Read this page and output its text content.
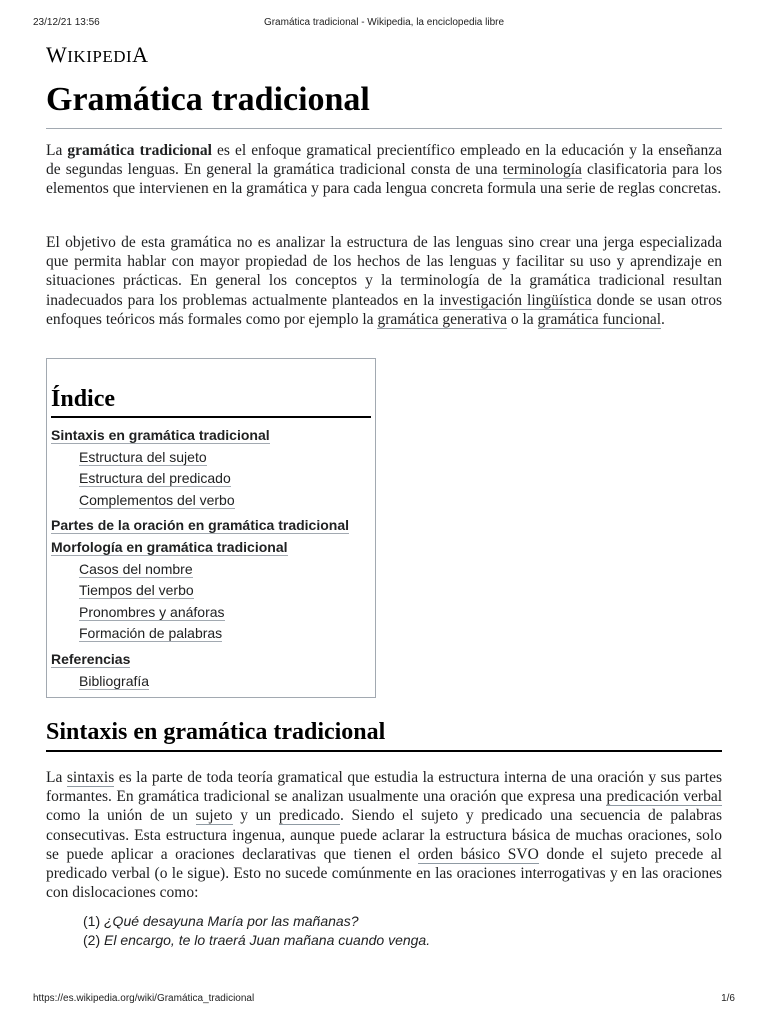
23/12/21 13:56	Gramática tradicional - Wikipedia, la enciclopedia libre
WIKIPEDIA
Gramática tradicional

La gramática tradicional es el enfoque gramatical precientífico empleado en la educación y la enseñanza de segundas lenguas. En general la gramática tradicional consta de una terminología clasificatoria para los elementos que intervienen en la gramática y para cada lengua concreta formula una serie de reglas concretas.

El objetivo de esta gramática no es analizar la estructura de las lenguas sino crear una jerga especializada que permita hablar con mayor propiedad de los hechos de las lenguas y facilitar su uso y aprendizaje en situaciones prácticas. En general los conceptos y la terminología de la gramática tradicional resultan inadecuados para los problemas actualmente planteados en la investigación lingüística donde se usan otros enfoques teóricos más formales como por ejemplo la gramática generativa o la gramática funcional.

Índice
Sintaxis en gramática tradicional
Estructura del sujeto
Estructura del predicado
Complementos del verbo
Partes de la oración en gramática tradicional
Morfología en gramática tradicional
Casos del nombre
Tiempos del verbo
Pronombres y anáforas
Formación de palabras
Referencias
Bibliografía
Sintaxis en gramática tradicional

La sintaxis es la parte de toda teoría gramatical que estudia la estructura interna de una oración y sus partes formantes. En gramática tradicional se analizan usualmente una oración que expresa una predicación verbal como la unión de un sujeto y un predicado. Siendo el sujeto y predicado una secuencia de palabras consecutivas. Esta estructura ingenua, aunque puede aclarar la estructura básica de muchas oraciones, solo se puede aplicar a oraciones declarativas que tienen el orden básico SVO donde el sujeto precede al predicado verbal (o le sigue). Esto no sucede comúnmente en las oraciones interrogativas y en las oraciones con dislocaciones como:

(1) ¿Qué desayuna María por las mañanas?
(2) El encargo, te lo traerá Juan mañana cuando venga.
https://es.wikipedia.org/wiki/Gramática_tradicional	1/6
